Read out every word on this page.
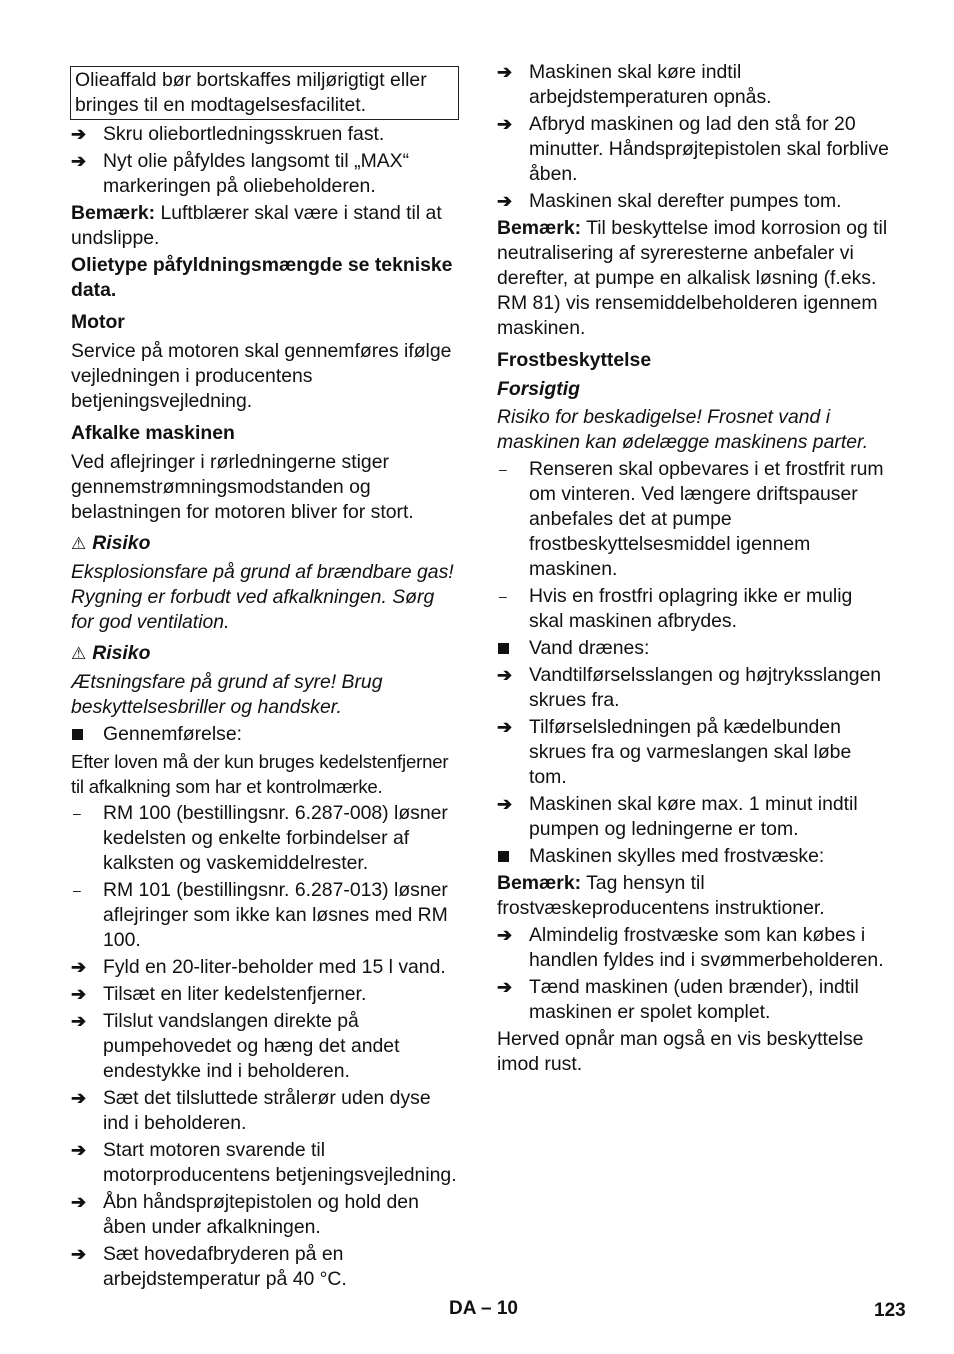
Olieaffald bør bortskaffes miljørigtigt eller bringes til en modtagelsesfacilitet.
➔ Skru oliebortledningsskruen fast.
➔ Nyt olie påfyldes langsomt til „MAX“ markeringen på oliebeholderen.
Bemærk: Luftblærer skal være i stand til at undslippe.
Olietype påfyldningsmængde se tekniske data.
Motor
Service på motoren skal gennemføres ifølge vejledningen i producentens betjeningsvejledning.
Afkalke maskinen
Ved aflejringer i rørledningerne stiger gennemstrømningsmodstanden og belastningen for motoren bliver for stort.
⚠ Risiko
Eksplosionsfare på grund af brændbare gas! Rygning er forbudt ved afkalkningen. Sørg for god ventilation.
⚠ Risiko
Ætsningsfare på grund af syre! Brug beskyttelsesbriller og handsker.
Gennemførelse:
Efter loven må der kun bruges kedelstenfjerner til afkalkning som har et kontrolmærke.
–	RM 100 (bestillingsnr. 6.287-008) løsner kedelsten og enkelte forbindelser af kalksten og vaskemiddelrester.
–	RM 101 (bestillingsnr. 6.287-013) løsner aflejringer som ikke kan løsnes med RM 100.
➔ Fyld en 20-liter-beholder med 15 l vand.
➔ Tilsæt en liter kedelstenfjerner.
➔ Tilslut vandslangen direkte på pumpehovedet og hæng det andet endestykke ind i beholderen.
➔ Sæt det tilsluttede strålerør uden dyse ind i beholderen.
➔ Start motoren svarende til motorproducentens betjeningsvejledning.
➔ Åbn håndsprøjtepistolen og hold den åben under afkalkningen.
➔ Sæt hovedafbryderen på en arbejdstemperatur på 40 °C.
➔ Maskinen skal køre indtil arbejdstemperaturen opnås.
➔ Afbryd maskinen og lad den stå for 20 minutter. Håndsprøjtepistolen skal forblive åben.
➔ Maskinen skal derefter pumpes tom.
Bemærk: Til beskyttelse imod korrosion og til neutralisering af syreresterne anbefaler vi derefter, at pumpe en alkalisk løsning (f.eks. RM 81) vis rensemiddelbeholderen igennem maskinen.
Frostbeskyttelse
Forsigtig
Risiko for beskadigelse! Frosnet vand i maskinen kan ødelægge maskinens parter.
–	Renseren skal opbevares i et frostfrit rum om vinteren. Ved længere driftspauser anbefales det at pumpe frostbeskyttelsesmiddel igennem maskinen.
–	Hvis en frostfri oplagring ikke er mulig skal maskinen afbrydes.
Vand drænes:
➔ Vandtilførselsslangen og højtryksslangen skrues fra.
➔ Tilførselsledningen på kædelbunden skrues fra og varmeslangen skal løbe tom.
➔ Maskinen skal køre max. 1 minut indtil pumpen og ledningerne er tom.
Maskinen skylles med frostvæske:
Bemærk: Tag hensyn til frostvæskeproducentens instruktioner.
➔ Almindelig frostvæske som kan købes i handlen fyldes ind i svømmerbeholderen.
➔ Tænd maskinen (uden brænder), indtil maskinen er spolet komplet.
Herved opnår man også en vis beskyttelse imod rust.
DA – 10	123
